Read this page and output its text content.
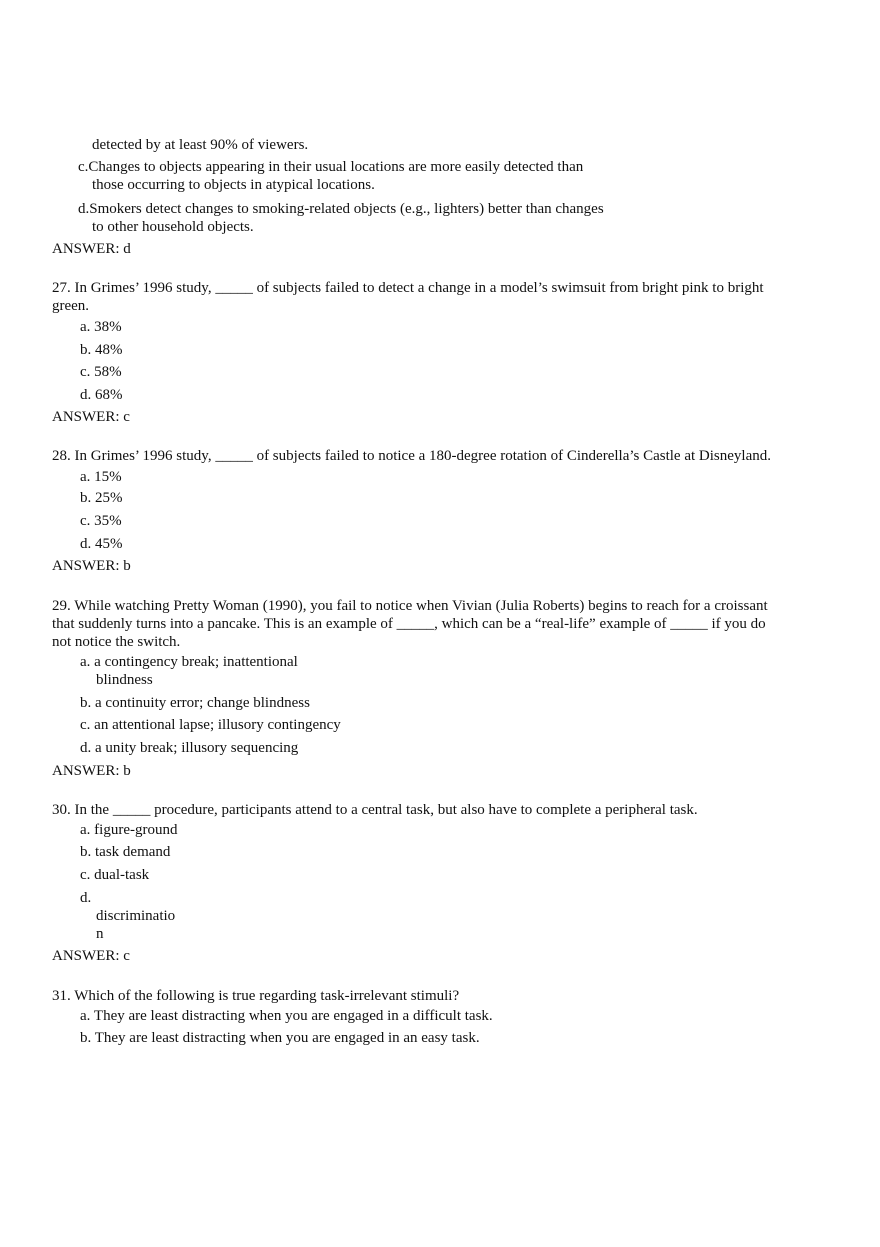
detected by at least 90% of viewers.
c.Changes to objects appearing in their usual locations are more easily detected than
those occurring to objects in atypical locations.
d.Smokers detect changes to smoking-related objects (e.g., lighters) better than changes
to other household objects.
ANSWER: d
27. In Grimes’ 1996 study, _____ of subjects failed to detect a change in a model’s swimsuit from bright pink to bright
green.
a. 38%
b. 48%
c. 58%
d. 68%
ANSWER: c
28. In Grimes’ 1996 study, _____ of subjects failed to notice a 180-degree rotation of Cinderella’s Castle at Disneyland.
a. 15%
b. 25%
c. 35%
d. 45%
ANSWER: b
29. While watching Pretty Woman (1990), you fail to notice when Vivian (Julia Roberts) begins to reach for a croissant
that suddenly turns into a pancake. This is an example of _____, which can be a “real-life” example of _____ if you do
not notice the switch.
a. a contingency break; inattentional
blindness
b. a continuity error; change blindness
c. an attentional lapse; illusory contingency
d. a unity break; illusory sequencing
ANSWER: b
30. In the _____ procedure, participants attend to a central task, but also have to complete a peripheral task.
a. figure-ground
b. task demand
c. dual-task
d.
discriminatio
n
ANSWER: c
31. Which of the following is true regarding task-irrelevant stimuli?
a. They are least distracting when you are engaged in a difficult task.
b. They are least distracting when you are engaged in an easy task.
